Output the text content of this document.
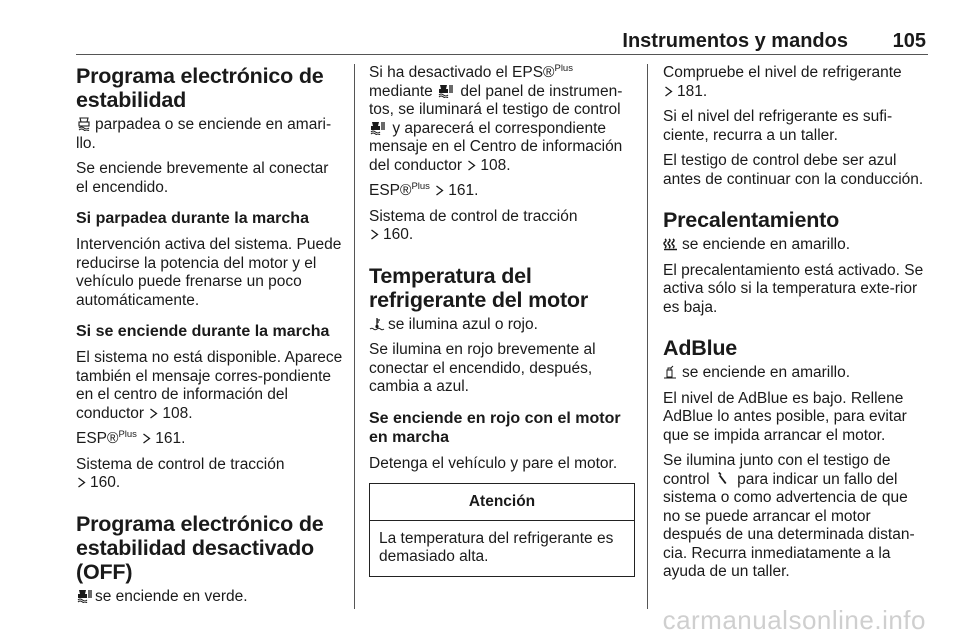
Instrumentos y mandos 105
Programa electrónico de estabilidad

parpadea o se enciende en amari-llo.

Se enciende brevemente al conectar el encendido.

Si parpadea durante la marcha

Intervención activa del sistema. Puede reducirse la potencia del motor y el vehículo puede frenarse un poco automáticamente.

Si se enciende durante la marcha

El sistema no está disponible. Aparece también el mensaje corres-pondiente en el centro de información del conductor 108.

ESP®$^{Plus}$ 161.

Sistema de control de tracción
160.

Programa electrónico de estabilidad desactivado (OFF)

se enciende en verde.

Si ha desactivado el EPS®$^{Plus}$ mediante del panel de instrumen-tos, se iluminará el testigo de control  y aparecerá el correspondiente mensaje en el Centro de información del conductor 108.

ESP®$^{Plus}$ 161.

Sistema de control de tracción
160.

Temperatura del refrigerante del motor

se ilumina azul o rojo.

Se ilumina en rojo brevemente al conectar el encendido, después, cambia a azul.

Se enciende en rojo con el motor en marcha

Detenga el vehículo y pare el motor.

Atención
La temperatura del refrigerante es demasiado alta.

Compruebe el nivel de refrigerante
181.

Si el nivel del refrigerante es sufi-ciente, recurra a un taller.

El testigo de control debe ser azul antes de continuar con la conducción.

Precalentamiento

se enciende en amarillo.

El precalentamiento está activado. Se activa sólo si la temperatura exte-rior es baja.

AdBlue

se enciende en amarillo.

El nivel de AdBlue es bajo. Rellene AdBlue lo antes posible, para evitar que se impida arrancar el motor.

Se ilumina junto con el testigo de control para indicar un fallo del sistema o como advertencia de que no se puede arrancar el motor después de una determinada distan-cia. Recurra inmediatamente a la ayuda de un taller.

carmanualsonline.info
